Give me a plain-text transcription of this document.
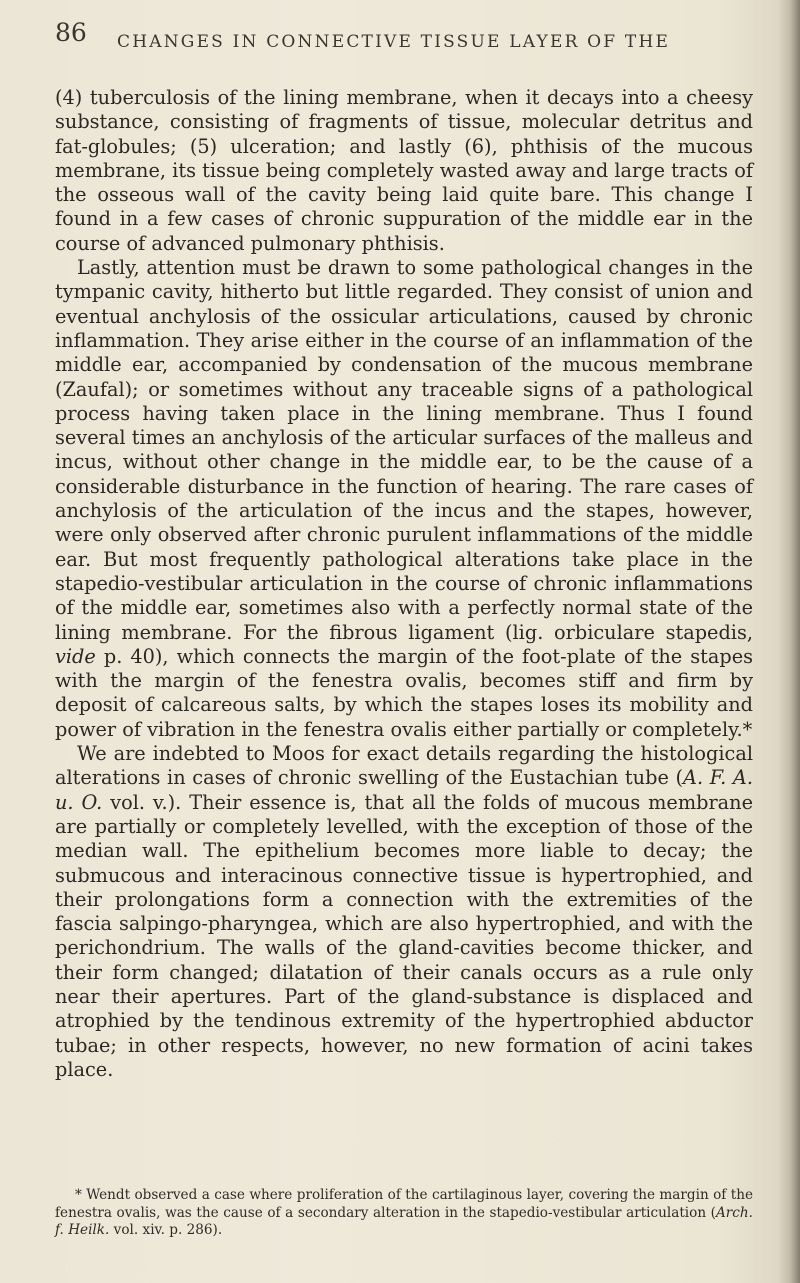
86 CHANGES IN CONNECTIVE TISSUE LAYER OF THE

(4) tuberculosis of the lining membrane, when it decays into a cheesy substance, consisting of fragments of tissue, molecular detritus and fat-globules; (5) ulceration; and lastly (6), phthisis of the mucous membrane, its tissue being completely wasted away and large tracts of the osseous wall of the cavity being laid quite bare. This change I found in a few cases of chronic suppuration of the middle ear in the course of advanced pulmonary phthisis.

Lastly, attention must be drawn to some pathological changes in the tympanic cavity, hitherto but little regarded. They consist of union and eventual anchylosis of the ossicular articulations, caused by chronic inflammation. They arise either in the course of an inflammation of the middle ear, accompanied by condensation of the mucous membrane (Zaufal); or sometimes without any traceable signs of a pathological process having taken place in the lining membrane. Thus I found several times an anchylosis of the articular surfaces of the malleus and incus, without other change in the middle ear, to be the cause of a considerable disturbance in the function of hearing. The rare cases of anchylosis of the articulation of the incus and the stapes, however, were only observed after chronic purulent inflammations of the middle ear. But most frequently pathological alterations take place in the stapedio-vestibular articulation in the course of chronic inflammations of the middle ear, sometimes also with a perfectly normal state of the lining membrane. For the fibrous ligament (lig. orbiculare stapedis, vide p. 40), which connects the margin of the foot-plate of the stapes with the margin of the fenestra ovalis, becomes stiff and firm by deposit of calcareous salts, by which the stapes loses its mobility and power of vibration in the fenestra ovalis either partially or completely.*

We are indebted to Moos for exact details regarding the histological alterations in cases of chronic swelling of the Eustachian tube (A. F. A. u. O. vol. v.). Their essence is, that all the folds of mucous membrane are partially or completely levelled, with the exception of those of the median wall. The epithelium becomes more liable to decay; the submucous and interacinous connective tissue is hypertrophied, and their prolongations form a connection with the extremities of the fascia salpingo-pharyngea, which are also hypertrophied, and with the perichondrium. The walls of the gland-cavities become thicker, and their form changed; dilatation of their canals occurs as a rule only near their apertures. Part of the gland-substance is displaced and atrophied by the tendinous extremity of the hypertrophied abductor tubae; in other respects, however, no new formation of acini takes place.

* Wendt observed a case where proliferation of the cartilaginous layer, covering the margin of the fenestra ovalis, was the cause of a secondary alteration in the stapedio-vestibular articulation (Arch. f. Heilk. vol. xiv. p. 286).
